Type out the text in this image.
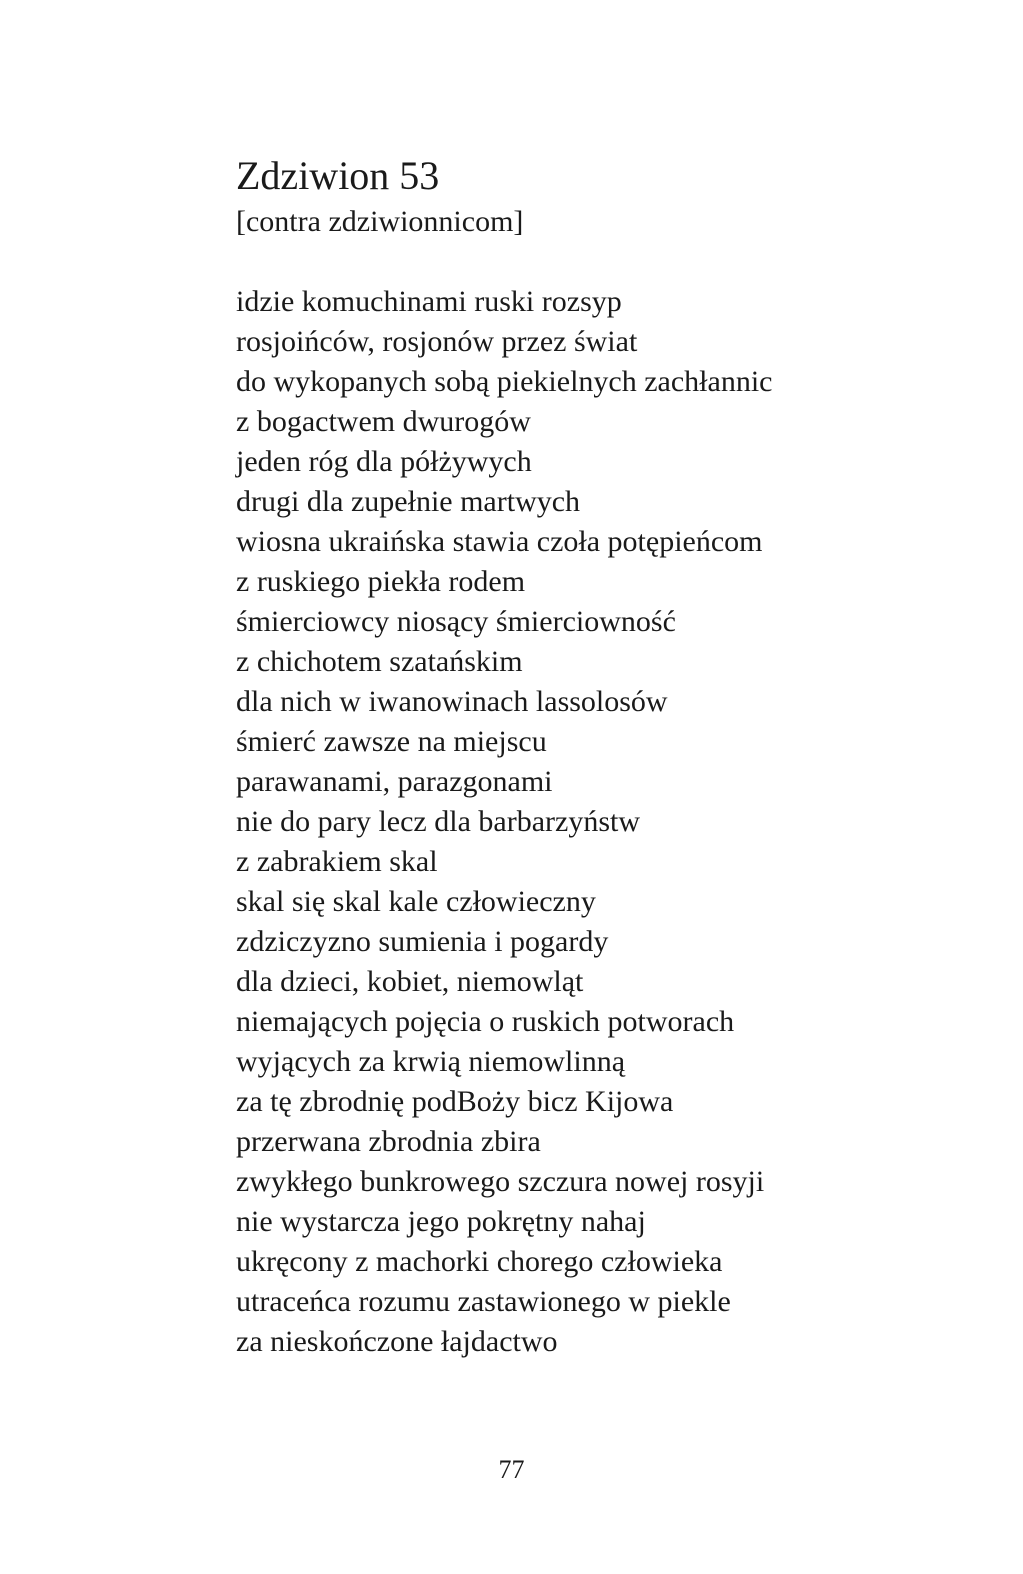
Zdziwion 53
[contra zdziwionnicom]
idzie komuchinami ruski rozsyp
rosjoińców, rosjonów przez świat
do wykopanych sobą piekielnych zachłannic
z bogactwem dwurogów
jeden róg dla półżywych
drugi dla zupełnie martwych
wiosna ukraińska stawia czoła potępieńcom
z ruskiego piekła rodem
śmierciowcy niosący śmierciowność
z chichotem szatańskim
dla nich w iwanowinach lassolosów
śmierć zawsze na miejscu
parawanami, parazgonami
nie do pary lecz dla barbarzyństw
z zabrakiem skal
skal się skal kale człowieczny
zdziczyzno sumienia i pogardy
dla dzieci, kobiet, niemowląt
niemających pojęcia o ruskich potworach
wyjących za krwią niemowlinną
za tę zbrodnię podBoży bicz Kijowa
przerwana zbrodnia zbira
zwykłego bunkrowego szczura nowej rosyji
nie wystarcza jego pokrętny nahaj
ukręcony z machorki chorego człowieka
utraceńca rozumu zastawionego w piekle
za nieskończone łajdactwo
77
